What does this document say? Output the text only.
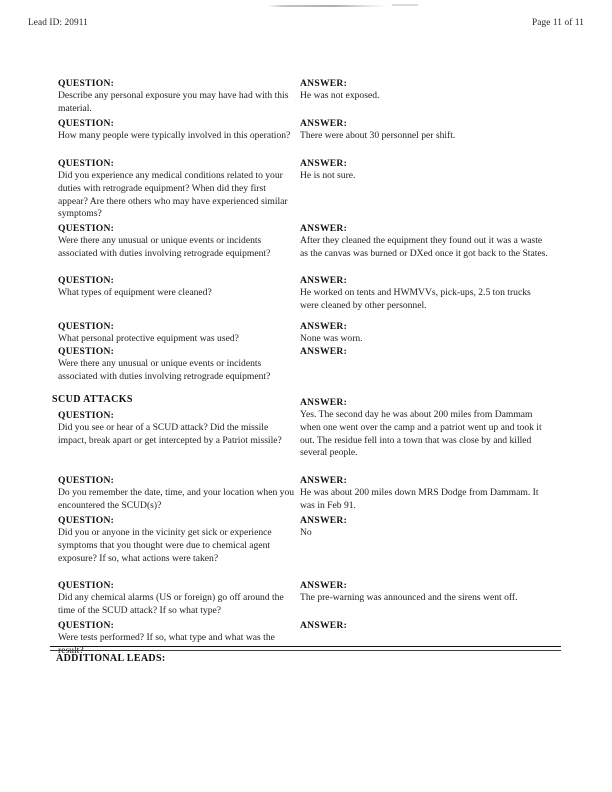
Lead ID: 20911	Page 11 of 11
SCUD ATTACKS
QUESTION:
Describe any personal exposure you may have had with this material.
QUESTION:
How many people were typically involved in this operation?
QUESTION:
Did you experience any medical conditions related to your duties with retrograde equipment? When did they first appear? Are there others who may have experienced similar symptoms?
QUESTION:
Were there any unusual or unique events or incidents associated with duties involving retrograde equipment?
QUESTION:
What types of equipment were cleaned?
QUESTION:
What personal protective equipment was used?
QUESTION:
Were there any unusual or unique events or incidents associated with duties involving retrograde equipment?
QUESTION:
Did you see or hear of a SCUD attack? Did the missile impact, break apart or get intercepted by a Patriot missile?
QUESTION:
Do you remember the date, time, and your location when you encountered the SCUD(s)?
QUESTION:
Did you or anyone in the vicinity get sick or experience symptoms that you thought were due to chemical agent exposure? If so, what actions were taken?
QUESTION:
Did any chemical alarms (US or foreign) go off around the time of the SCUD attack? If so what type?
QUESTION:
Were tests performed? If so, what type and what was the result?
ANSWER:
He was not exposed.
ANSWER:
There were about 30 personnel per shift.
ANSWER:
He is not sure.
ANSWER:
After they cleaned the equipment they found out it was a waste as the canvas was burned or DXed once it got back to the States.
ANSWER:
He worked on tents and HWMVVs, pick-ups, 2.5 ton trucks were cleaned by other personnel.
ANSWER:
None was worn.
ANSWER:
ANSWER:
Yes. The second day he was about 200 miles from Dammam when one went over the camp and a patriot went up and took it out. The residue fell into a town that was close by and killed several people.
ANSWER:
He was about 200 miles down MRS Dodge from Dammam. It was in Feb 91.
ANSWER:
No
ANSWER:
The pre-warning was announced and the sirens went off.
ANSWER:
ADDITIONAL LEADS:
